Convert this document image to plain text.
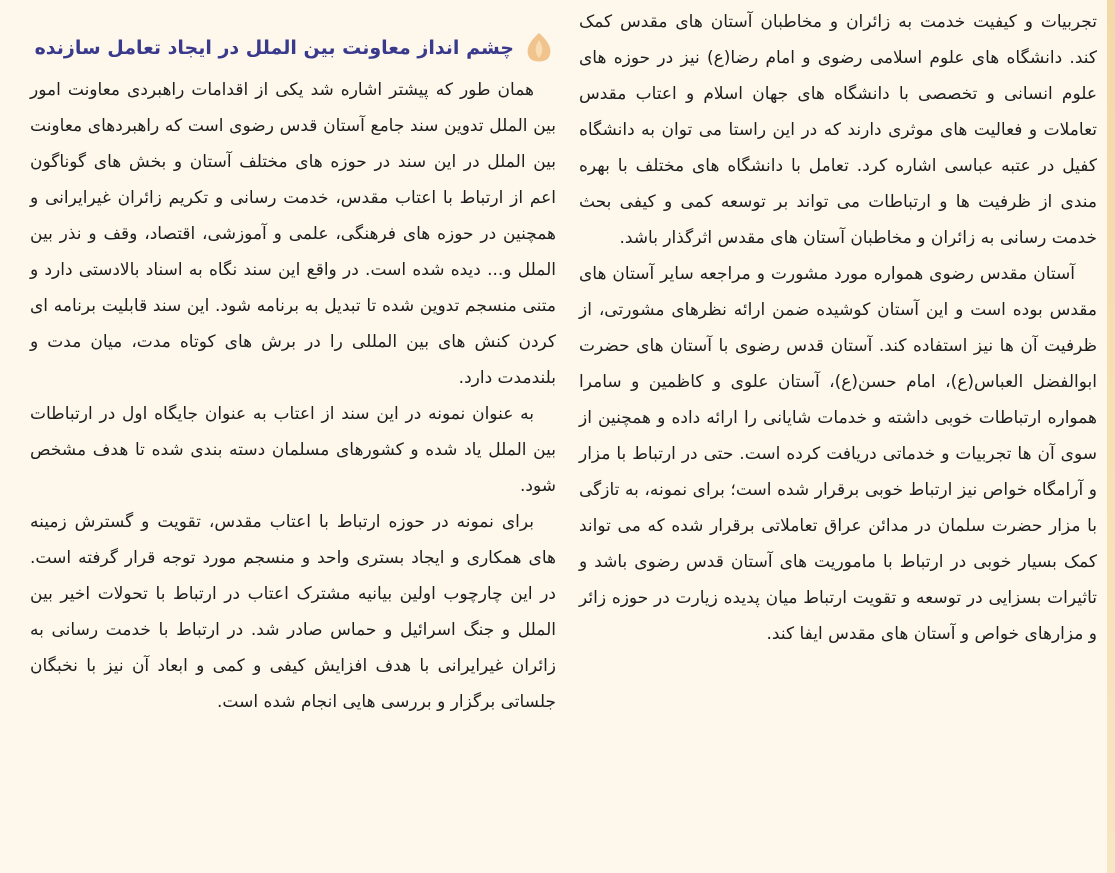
تجربیات و کیفیت خدمت به زائران و مخاطبان آستان های مقدس کمک کند. دانشگاه های علوم اسلامی رضوی و امام رضا(ع) نیز در حوزه های علوم انسانی و تخصصی با دانشگاه های جهان اسلام و اعتاب مقدس تعاملات و فعالیت های موثری دارند که در این راستا می توان به دانشگاه کفیل در عتبه عباسی اشاره کرد. تعامل با دانشگاه های مختلف با بهره مندی از ظرفیت ها و ارتباطات می تواند بر توسعه کمی و کیفی بحث خدمت رسانی به زائران و مخاطبان آستان های مقدس اثرگذار باشد.

آستان مقدس رضوی همواره مورد مشورت و مراجعه سایر آستان های مقدس بوده است و این آستان کوشیده ضمن ارائه نظرهای مشورتی، از ظرفیت آن ها نیز استفاده کند. آستان قدس رضوی با آستان های حضرت ابوالفضل العباس(ع)، امام حسن(ع)، آستان علوی و کاظمین و سامرا همواره ارتباطات خوبی داشته و خدمات شایانی را ارائه داده و همچنین از سوی آن ها تجربیات و خدماتی دریافت کرده است. حتی در ارتباط با مزار و آرامگاه خواص نیز ارتباط خوبی برقرار شده است؛ برای نمونه، به تازگی با مزار حضرت سلمان در مدائن عراق تعاملاتی برقرار شده که می تواند کمک بسیار خوبی در ارتباط با ماموریت های آستان قدس رضوی باشد و تاثیرات بسزایی در توسعه و تقویت ارتباط میان پدیده زیارت در حوزه زائر و مزارهای خواص و آستان های مقدس ایفا کند.

چشم انداز معاونت بین الملل در ایجاد تعامل سازنده

همان طور که پیشتر اشاره شد یکی از اقدامات راهبردی معاونت امور بین الملل تدوین سند جامع آستان قدس رضوی است که راهبردهای معاونت بین الملل در این سند در حوزه های مختلف آستان و بخش های گوناگون اعم از ارتباط با اعتاب مقدس، خدمت رسانی و تکریم زائران غیرایرانی و همچنین در حوزه های فرهنگی، علمی و آموزشی، اقتصاد، وقف و نذر بین الملل و... دیده شده است. در واقع این سند نگاه به اسناد بالادستی دارد و متنی منسجم تدوین شده تا تبدیل به برنامه شود. این سند قابلیت برنامه ای کردن کنش های بین المللی را در برش های کوتاه مدت، میان مدت و بلندمدت دارد.

به عنوان نمونه در این سند از اعتاب به عنوان جایگاه اول در ارتباطات بین الملل یاد شده و کشورهای مسلمان دسته بندی شده تا هدف مشخص شود.

برای نمونه در حوزه ارتباط با اعتاب مقدس، تقویت و گسترش زمینه های همکاری و ایجاد بستری واحد و منسجم مورد توجه قرار گرفته است. در این چارچوب اولین بیانیه مشترک اعتاب در ارتباط با تحولات اخیر بین الملل و جنگ اسرائیل و حماس صادر شد. در ارتباط با خدمت رسانی به زائران غیرایرانی با هدف افزایش کیفی و کمی و ابعاد آن نیز با نخبگان جلساتی برگزار و بررسی هایی انجام شده است.
